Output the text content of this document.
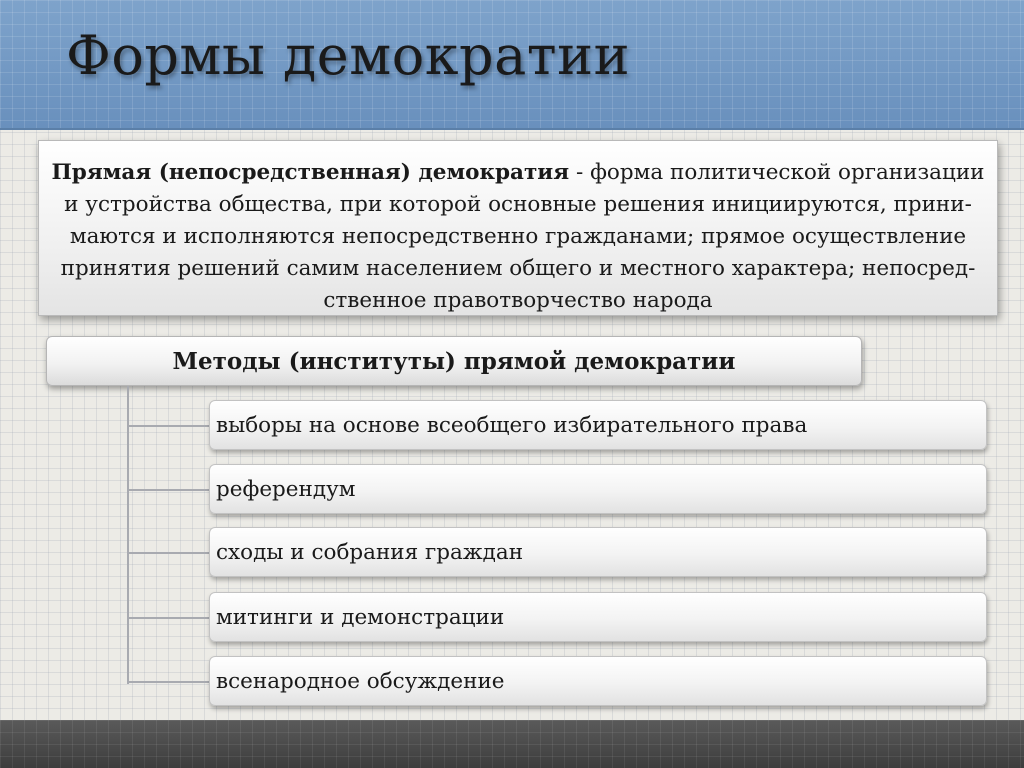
Формы демократии
Прямая (непосредственная) демократия - форма политической организации
и устройства общества, при которой основные решения инициируются, прини-
маются и исполняются непосредственно гражданами; прямое осуществление
принятия решений самим населением общего и местного характера; непосред-
ственное правотворчество народа
Методы (институты) прямой демократии
выборы на основе всеобщего избирательного права
референдум
сходы и собрания граждан
митинги и демонстрации
всенародное обсуждение
